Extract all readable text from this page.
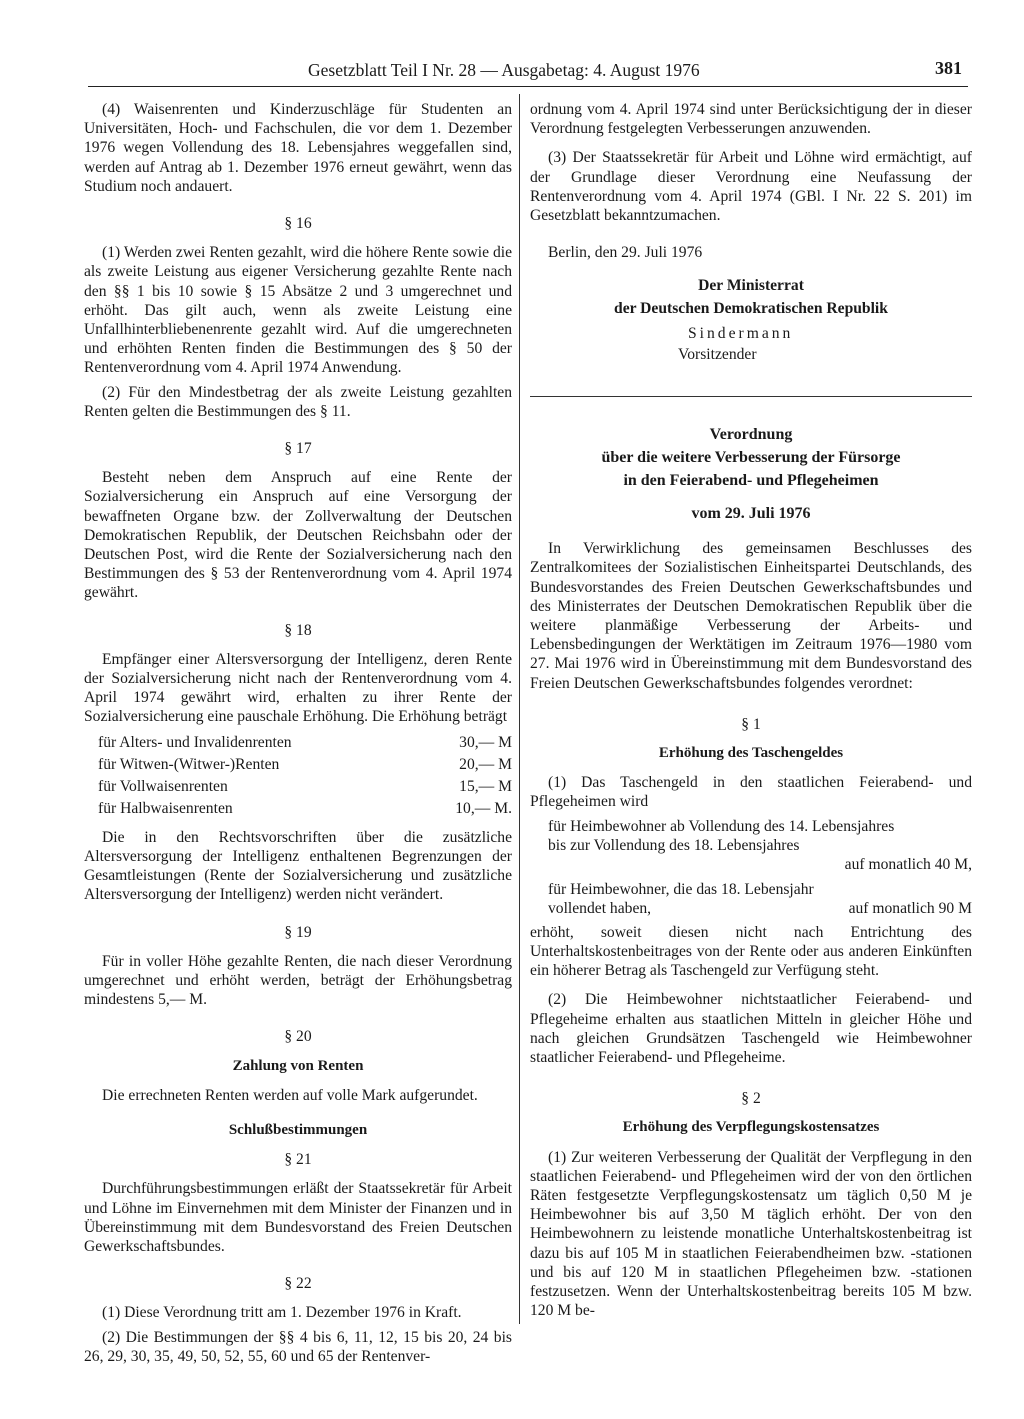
Gesetzblatt Teil I Nr. 28 — Ausgabetag: 4. August 1976	381

(4) Waisenrenten und Kinderzuschläge für Studenten an Universitäten, Hoch- und Fachschulen, die vor dem 1. Dezember 1976 wegen Vollendung des 18. Lebensjahres weggefallen sind, werden auf Antrag ab 1. Dezember 1976 erneut gewährt, wenn das Studium noch andauert.

§ 16

(1) Werden zwei Renten gezahlt, wird die höhere Rente sowie die als zweite Leistung aus eigener Versicherung gezahlte Rente nach den §§ 1 bis 10 sowie § 15 Absätze 2 und 3 umgerechnet und erhöht. Das gilt auch, wenn als zweite Leistung eine Unfallhinterbliebenenrente gezahlt wird. Auf die umgerechneten und erhöhten Renten finden die Bestimmungen des § 50 der Rentenverordnung vom 4. April 1974 Anwendung.

(2) Für den Mindestbetrag der als zweite Leistung gezahlten Renten gelten die Bestimmungen des § 11.

§ 17

Besteht neben dem Anspruch auf eine Rente der Sozialversicherung ein Anspruch auf eine Versorgung der bewaffneten Organe bzw. der Zollverwaltung der Deutschen Demokratischen Republik, der Deutschen Reichsbahn oder der Deutschen Post, wird die Rente der Sozialversicherung nach den Bestimmungen des § 53 der Rentenverordnung vom 4. April 1974 gewährt.

§ 18

Empfänger einer Altersversorgung der Intelligenz, deren Rente der Sozialversicherung nicht nach der Rentenverordnung vom 4. April 1974 gewährt wird, erhalten zu ihrer Rente der Sozialversicherung eine pauschale Erhöhung. Die Erhöhung beträgt

für Alters- und Invalidenrenten	30,— M
für Witwen-(Witwer-)Renten	20,— M
für Vollwaisenrenten	15,— M
für Halbwaisenrenten	10,— M.

Die in den Rechtsvorschriften über die zusätzliche Altersversorgung der Intelligenz enthaltenen Begrenzungen der Gesamtleistungen (Rente der Sozialversicherung und zusätzliche Altersversorgung der Intelligenz) werden nicht verändert.

§ 19

Für in voller Höhe gezahlte Renten, die nach dieser Verordnung umgerechnet und erhöht werden, beträgt der Erhöhungsbetrag mindestens 5,— M.

§ 20
Zahlung von Renten

Die errechneten Renten werden auf volle Mark aufgerundet.

Schlußbestimmungen
§ 21

Durchführungsbestimmungen erläßt der Staatssekretär für Arbeit und Löhne im Einvernehmen mit dem Minister der Finanzen und in Übereinstimmung mit dem Bundesvorstand des Freien Deutschen Gewerkschaftsbundes.

§ 22

(1) Diese Verordnung tritt am 1. Dezember 1976 in Kraft.

(2) Die Bestimmungen der §§ 4 bis 6, 11, 12, 15 bis 20, 24 bis 26, 29, 30, 35, 49, 50, 52, 55, 60 und 65 der Rentenver-

ordnung vom 4. April 1974 sind unter Berücksichtigung der in dieser Verordnung festgelegten Verbesserungen anzuwenden.

(3) Der Staatssekretär für Arbeit und Löhne wird ermächtigt, auf der Grundlage dieser Verordnung eine Neufassung der Rentenverordnung vom 4. April 1974 (GBl. I Nr. 22 S. 201) im Gesetzblatt bekanntzumachen.

Berlin, den 29. Juli 1976

Der Ministerrat
der Deutschen Demokratischen Republik
Sindermann
Vorsitzender
Verordnung
über die weitere Verbesserung der Fürsorge
in den Feierabend- und Pflegeheimen
vom 29. Juli 1976

In Verwirklichung des gemeinsamen Beschlusses des Zentralkomitees der Sozialistischen Einheitspartei Deutschlands, des Bundesvorstandes des Freien Deutschen Gewerkschaftsbundes und des Ministerrates der Deutschen Demokratischen Republik über die weitere planmäßige Verbesserung der Arbeits- und Lebensbedingungen der Werktätigen im Zeitraum 1976—1980 vom 27. Mai 1976 wird in Übereinstimmung mit dem Bundesvorstand des Freien Deutschen Gewerkschaftsbundes folgendes verordnet:

§ 1
Erhöhung des Taschengeldes

(1) Das Taschengeld in den staatlichen Feierabend- und Pflegeheimen wird

für Heimbewohner ab Vollendung des 14. Lebensjahres
bis zur Vollendung des 18. Lebensjahres
auf monatlich 40 M,
für Heimbewohner, die das 18. Lebensjahr
vollendet haben,	auf monatlich 90 M

erhöht, soweit diesen nicht nach Entrichtung des Unterhaltskostenbeitrages von der Rente oder aus anderen Einkünften ein höherer Betrag als Taschengeld zur Verfügung steht.

(2) Die Heimbewohner nichtstaatlicher Feierabend- und Pflegeheime erhalten aus staatlichen Mitteln in gleicher Höhe und nach gleichen Grundsätzen Taschengeld wie Heimbewohner staatlicher Feierabend- und Pflegeheime.

§ 2
Erhöhung des Verpflegungskostensatzes

(1) Zur weiteren Verbesserung der Qualität der Verpflegung in den staatlichen Feierabend- und Pflegeheimen wird der von den örtlichen Räten festgesetzte Verpflegungskostensatz um täglich 0,50 M je Heimbewohner bis auf 3,50 M täglich erhöht. Der von den Heimbewohnern zu leistende monatliche Unterhaltskostenbeitrag ist dazu bis auf 105 M in staatlichen Feierabendheimen bzw. -stationen und bis auf 120 M in staatlichen Pflegeheimen bzw. -stationen festzusetzen. Wenn der Unterhaltskostenbeitrag bereits 105 M bzw. 120 M be-
